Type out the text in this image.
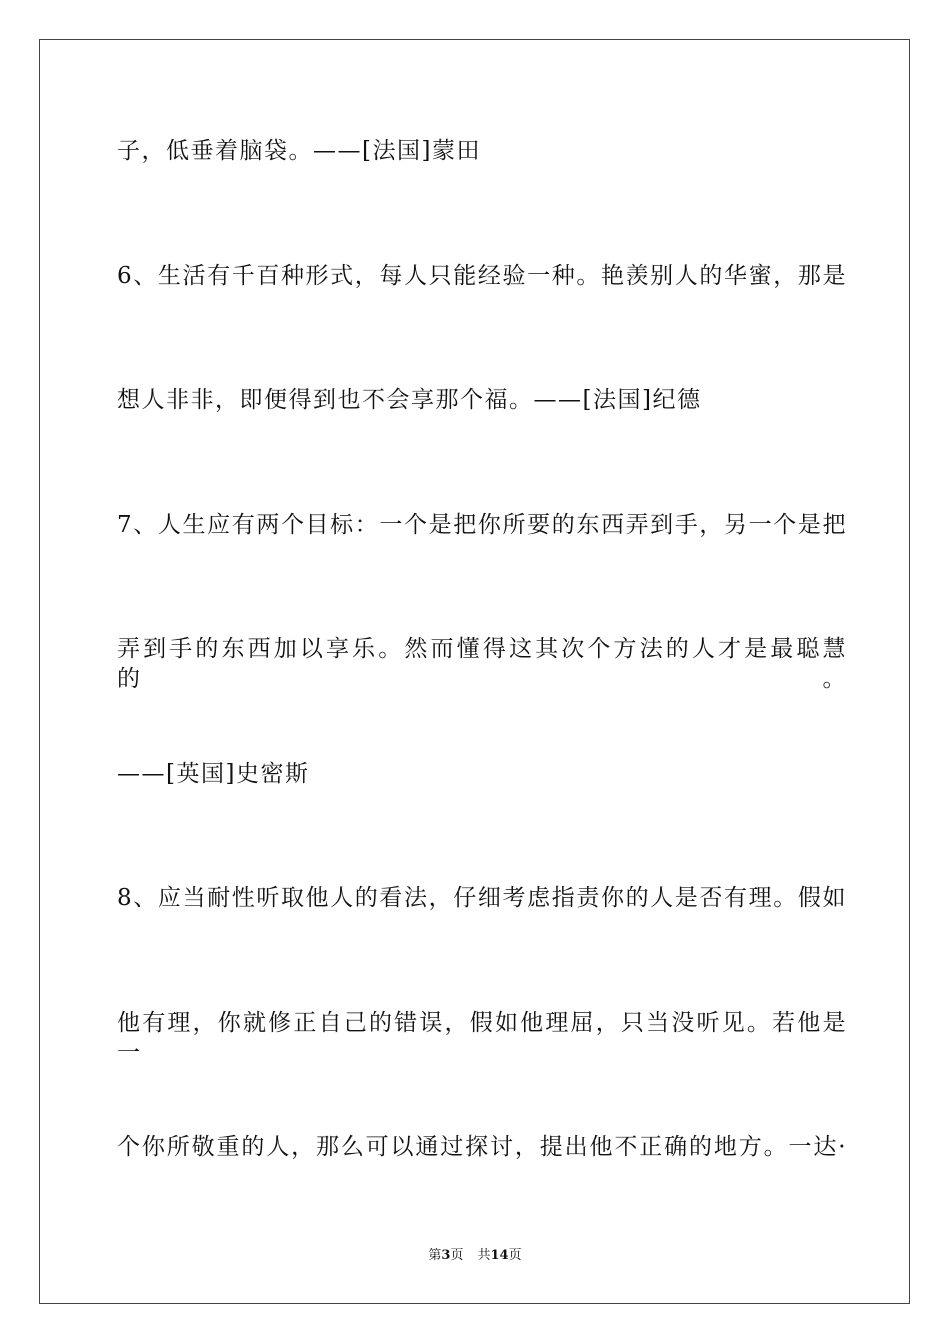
子，低垂着脑袋。——[法国]蒙田
6、生活有千百种形式，每人只能经验一种。艳羡别人的华蜜，那是
想人非非，即便得到也不会享那个福。——[法国]纪德
7、人生应有两个目标：一个是把你所要的东西弄到手，另一个是把
弄到手的东西加以享乐。然而懂得这其次个方法的人才是最聪慧的。
——[英国]史密斯
8、应当耐性听取他人的看法，仔细考虑指责你的人是否有理。假如
他有理，你就修正自己的错误，假如他理屈，只当没听见。若他是一
个你所敬重的人，那么可以通过探讨，提出他不正确的地方。一达·
第3页 共14页
